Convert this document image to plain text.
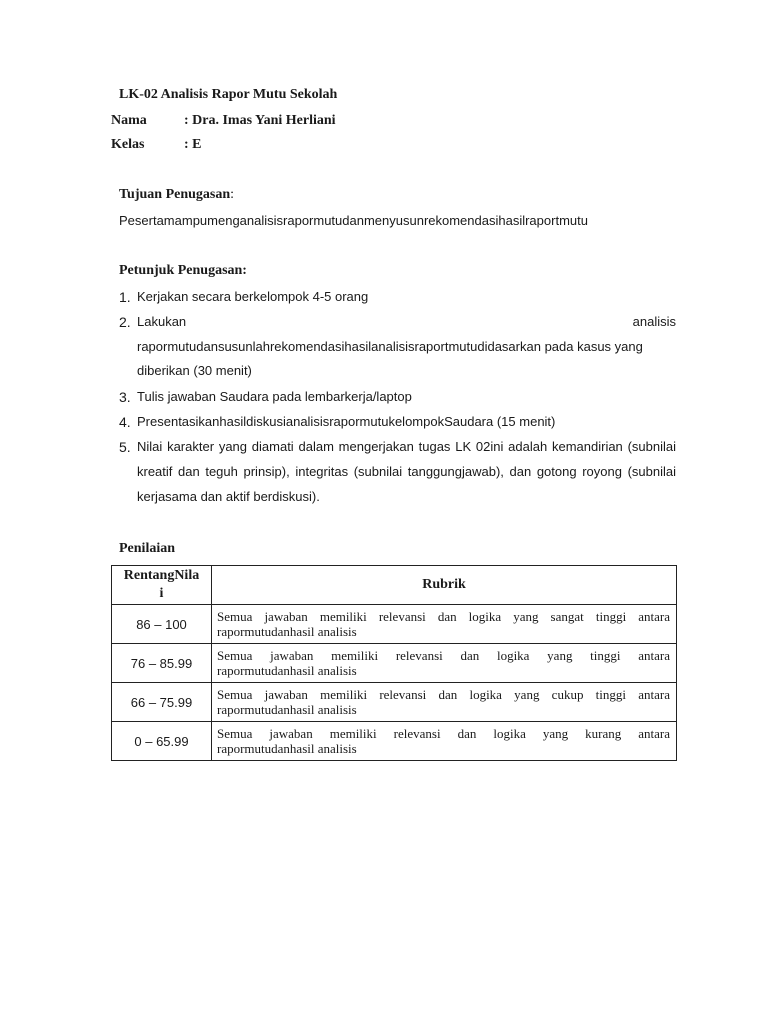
LK-02 Analisis Rapor Mutu Sekolah
Nama	: Dra. Imas Yani Herliani
Kelas	: E
Tujuan Penugasan:
Pesertamampumenganalisisrapormutudanmenyusunrekomendasihasilraportmutu
Petunjuk Penugasan:
1. Kerjakan secara berkelompok 4-5 orang
2. Lakukan	analisis
rapormutudansusunlahrekomendasihasilanalisisraportmutudidasarkan pada kasus yang
diberikan (30 menit)
3. Tulis jawaban Saudara pada lembarkerja/laptop
4. PresentasikanhasildiskusianalisisrapormutukelompokSaudara (15 menit)
5. Nilai karakter yang diamati dalam mengerjakan tugas LK 02ini adalah kemandirian (subnilai kreatif dan teguh prinsip), integritas (subnilai tanggungjawab), dan gotong royong (subnilai kerjasama dan aktif berdiskusi).
Penilaian
RentangNila
i	Rubrik
86 – 100	Semua jawaban memiliki relevansi dan logika yang sangat tinggi antara
rapormutudanhasil analisis

76 – 85.99	Semua jawaban memiliki relevansi dan logika yang tinggi antara
rapormutudanhasil analisis

66 – 75.99	Semua jawaban memiliki relevansi dan logika yang cukup tinggi antara
rapormutudanhasil analisis

0 – 65.99	Semua jawaban memiliki relevansi dan logika yang kurang antara
rapormutudanhasil analisis
